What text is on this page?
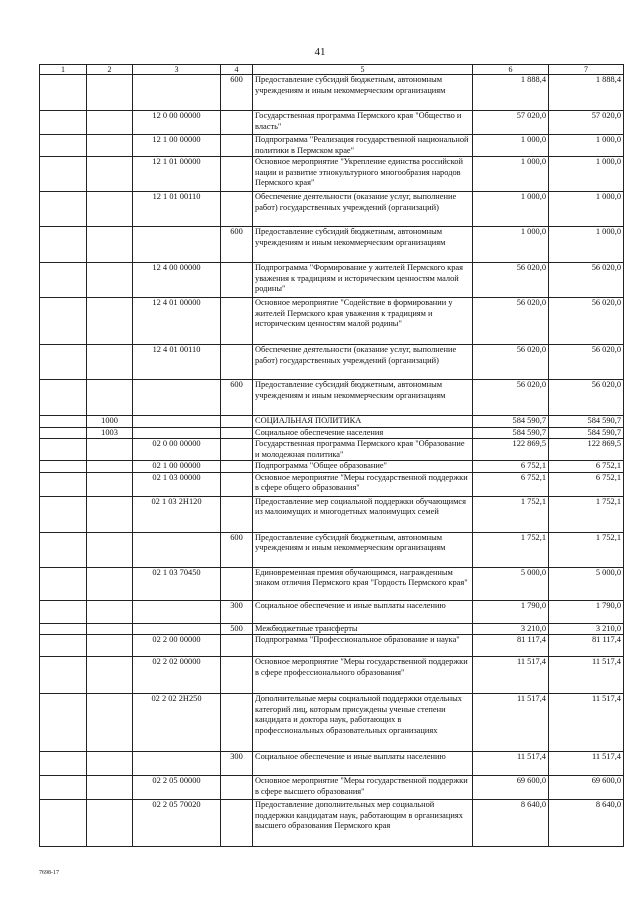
41
1	2	3	4	5	6	7
			600	Предоставление субсидий бюджетным, автономным учреждениям и иным некоммерческим организациям	1 888,4	1 888,4
		12 0 00 00000		Государственная программа Пермского края "Общество и власть"	57 020,0	57 020,0
		12 1 00 00000		Подпрограмма "Реализация государственной национальной политики в Пермском крае"	1 000,0	1 000,0
		12 1 01 00000		Основное мероприятие "Укрепление единства российской нации и развитие этнокультурного многообразия народов Пермского края"	1 000,0	1 000,0
		12 1 01 00110		Обеспечение деятельности (оказание услуг, выполнение работ) государственных учреждений (организаций)	1 000,0	1 000,0
			600	Предоставление субсидий бюджетным, автономным учреждениям и иным некоммерческим организациям	1 000,0	1 000,0
		12 4 00 00000		Подпрограмма "Формирование у жителей Пермского края уважения к традициям и историческим ценностям малой родины"	56 020,0	56 020,0
		12 4 01 00000		Основное мероприятие "Содействие в формировании у жителей Пермского края уважения к традициям и историческим ценностям малой родины"	56 020,0	56 020,0
		12 4 01 00110		Обеспечение деятельности (оказание услуг, выполнение работ) государственных учреждений (организаций)	56 020,0	56 020,0
			600	Предоставление субсидий бюджетным, автономным учреждениям и иным некоммерческим организациям	56 020,0	56 020,0
	1000			СОЦИАЛЬНАЯ ПОЛИТИКА	584 590,7	584 590,7
	1003			Социальное обеспечение населения	584 590,7	584 590,7
		02 0 00 00000		Государственная программа Пермского края "Образование и молодежная политика"	122 869,5	122 869,5
		02 1 00 00000		Подпрограмма "Общее образование"	6 752,1	6 752,1
		02 1 03 00000		Основное мероприятие "Меры государственной поддержки в сфере общего образования"	6 752,1	6 752,1
		02 1 03 2Н120		Предоставление мер социальной поддержки обучающимся из малоимущих и многодетных малоимущих семей	1 752,1	1 752,1
			600	Предоставление субсидий бюджетным, автономным учреждениям и иным некоммерческим организациям	1 752,1	1 752,1
		02 1 03 70450		Единовременная премия обучающимся, награжденным знаком отличия Пермского края "Гордость Пермского края"	5 000,0	5 000,0
			300	Социальное обеспечение и иные выплаты населению	1 790,0	1 790,0
			500	Межбюджетные трансферты	3 210,0	3 210,0
		02 2 00 00000		Подпрограмма "Профессиональное образование и наука"	81 117,4	81 117,4
		02 2 02 00000		Основное мероприятие "Меры государственной поддержки в сфере профессионального образования"	11 517,4	11 517,4
		02 2 02 2Н250		Дополнительные меры социальной поддержки отдельных категорий лиц, которым присуждены ученые степени кандидата и доктора наук, работающих в профессиональных образовательных организациях	11 517,4	11 517,4
			300	Социальное обеспечение и иные выплаты населению	11 517,4	11 517,4
		02 2 05 00000		Основное мероприятие "Меры государственной поддержки в сфере высшего образования"	69 600,0	69 600,0
		02 2 05 70020		Предоставление дополнительных мер социальной поддержки кандидатам наук, работающим в организациях высшего образования Пермского края	8 640,0	8 640,0
7698-17
